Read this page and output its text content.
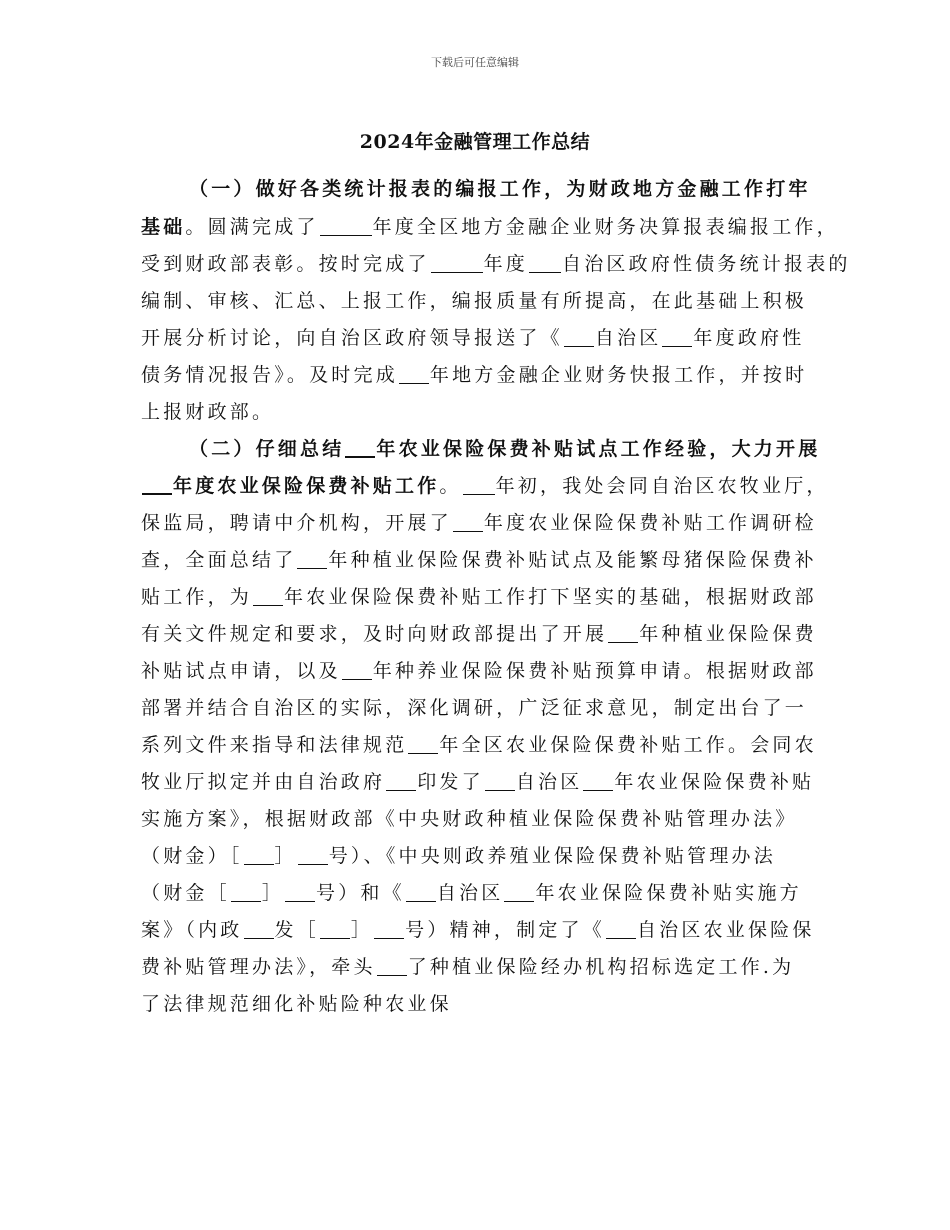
下载后可任意编辑
2024年金融管理工作总结
（一）做好各类统计报表的编报工作，为财政地方金融工作打牢
基础。圆满完成了	年度全区地方金融企业财务决算报表编报工作，
受到财政部表彰。按时完成了	年度 自治区政府性债务统计报表的
编制、审核、汇总、上报工作，编报质量有所提高，在此基础上积极
开展分析讨论，向自治区政府领导报送了《 自治区 年度政府性
债务情况报告》。及时完成 年地方金融企业财务快报工作，并按时
上报财政部。
（二）仔细总结 年农业保险保费补贴试点工作经验，大力开展
年度农业保险保费补贴工作。 年初，我处会同自治区农牧业厅，
保监局，聘请中介机构，开展了 年度农业保险保费补贴工作调研检
查，全面总结了 年种植业保险保费补贴试点及能繁母猪保险保费补
贴工作，为 年农业保险保费补贴工作打下坚实的基础，根据财政部
有关文件规定和要求，及时向财政部提出了开展 年种植业保险保费
补贴试点申请，以及 年种养业保险保费补贴预算申请。根据财政部
部署并结合自治区的实际，深化调研，广泛征求意见，制定出台了一
系列文件来指导和法律规范 年全区农业保险保费补贴工作。会同农
牧业厅拟定并由自治政府 印发了 自治区 年农业保险保费补贴
实施方案》，根据财政部《中央财政种植业保险保费补贴管理办法》
（财金）［ ］ 号）、《中央则政养殖业保险保费补贴管理办法
（财金［ ］ 号）和《 自治区 年农业保险保费补贴实施方
案》（内政 发［ ］ 号）精神，制定了《 自治区农业保险保
费补贴管理办法》，牵头 了种植业保险经办机构招标选定工作.为
了法律规范细化补贴险种农业保
